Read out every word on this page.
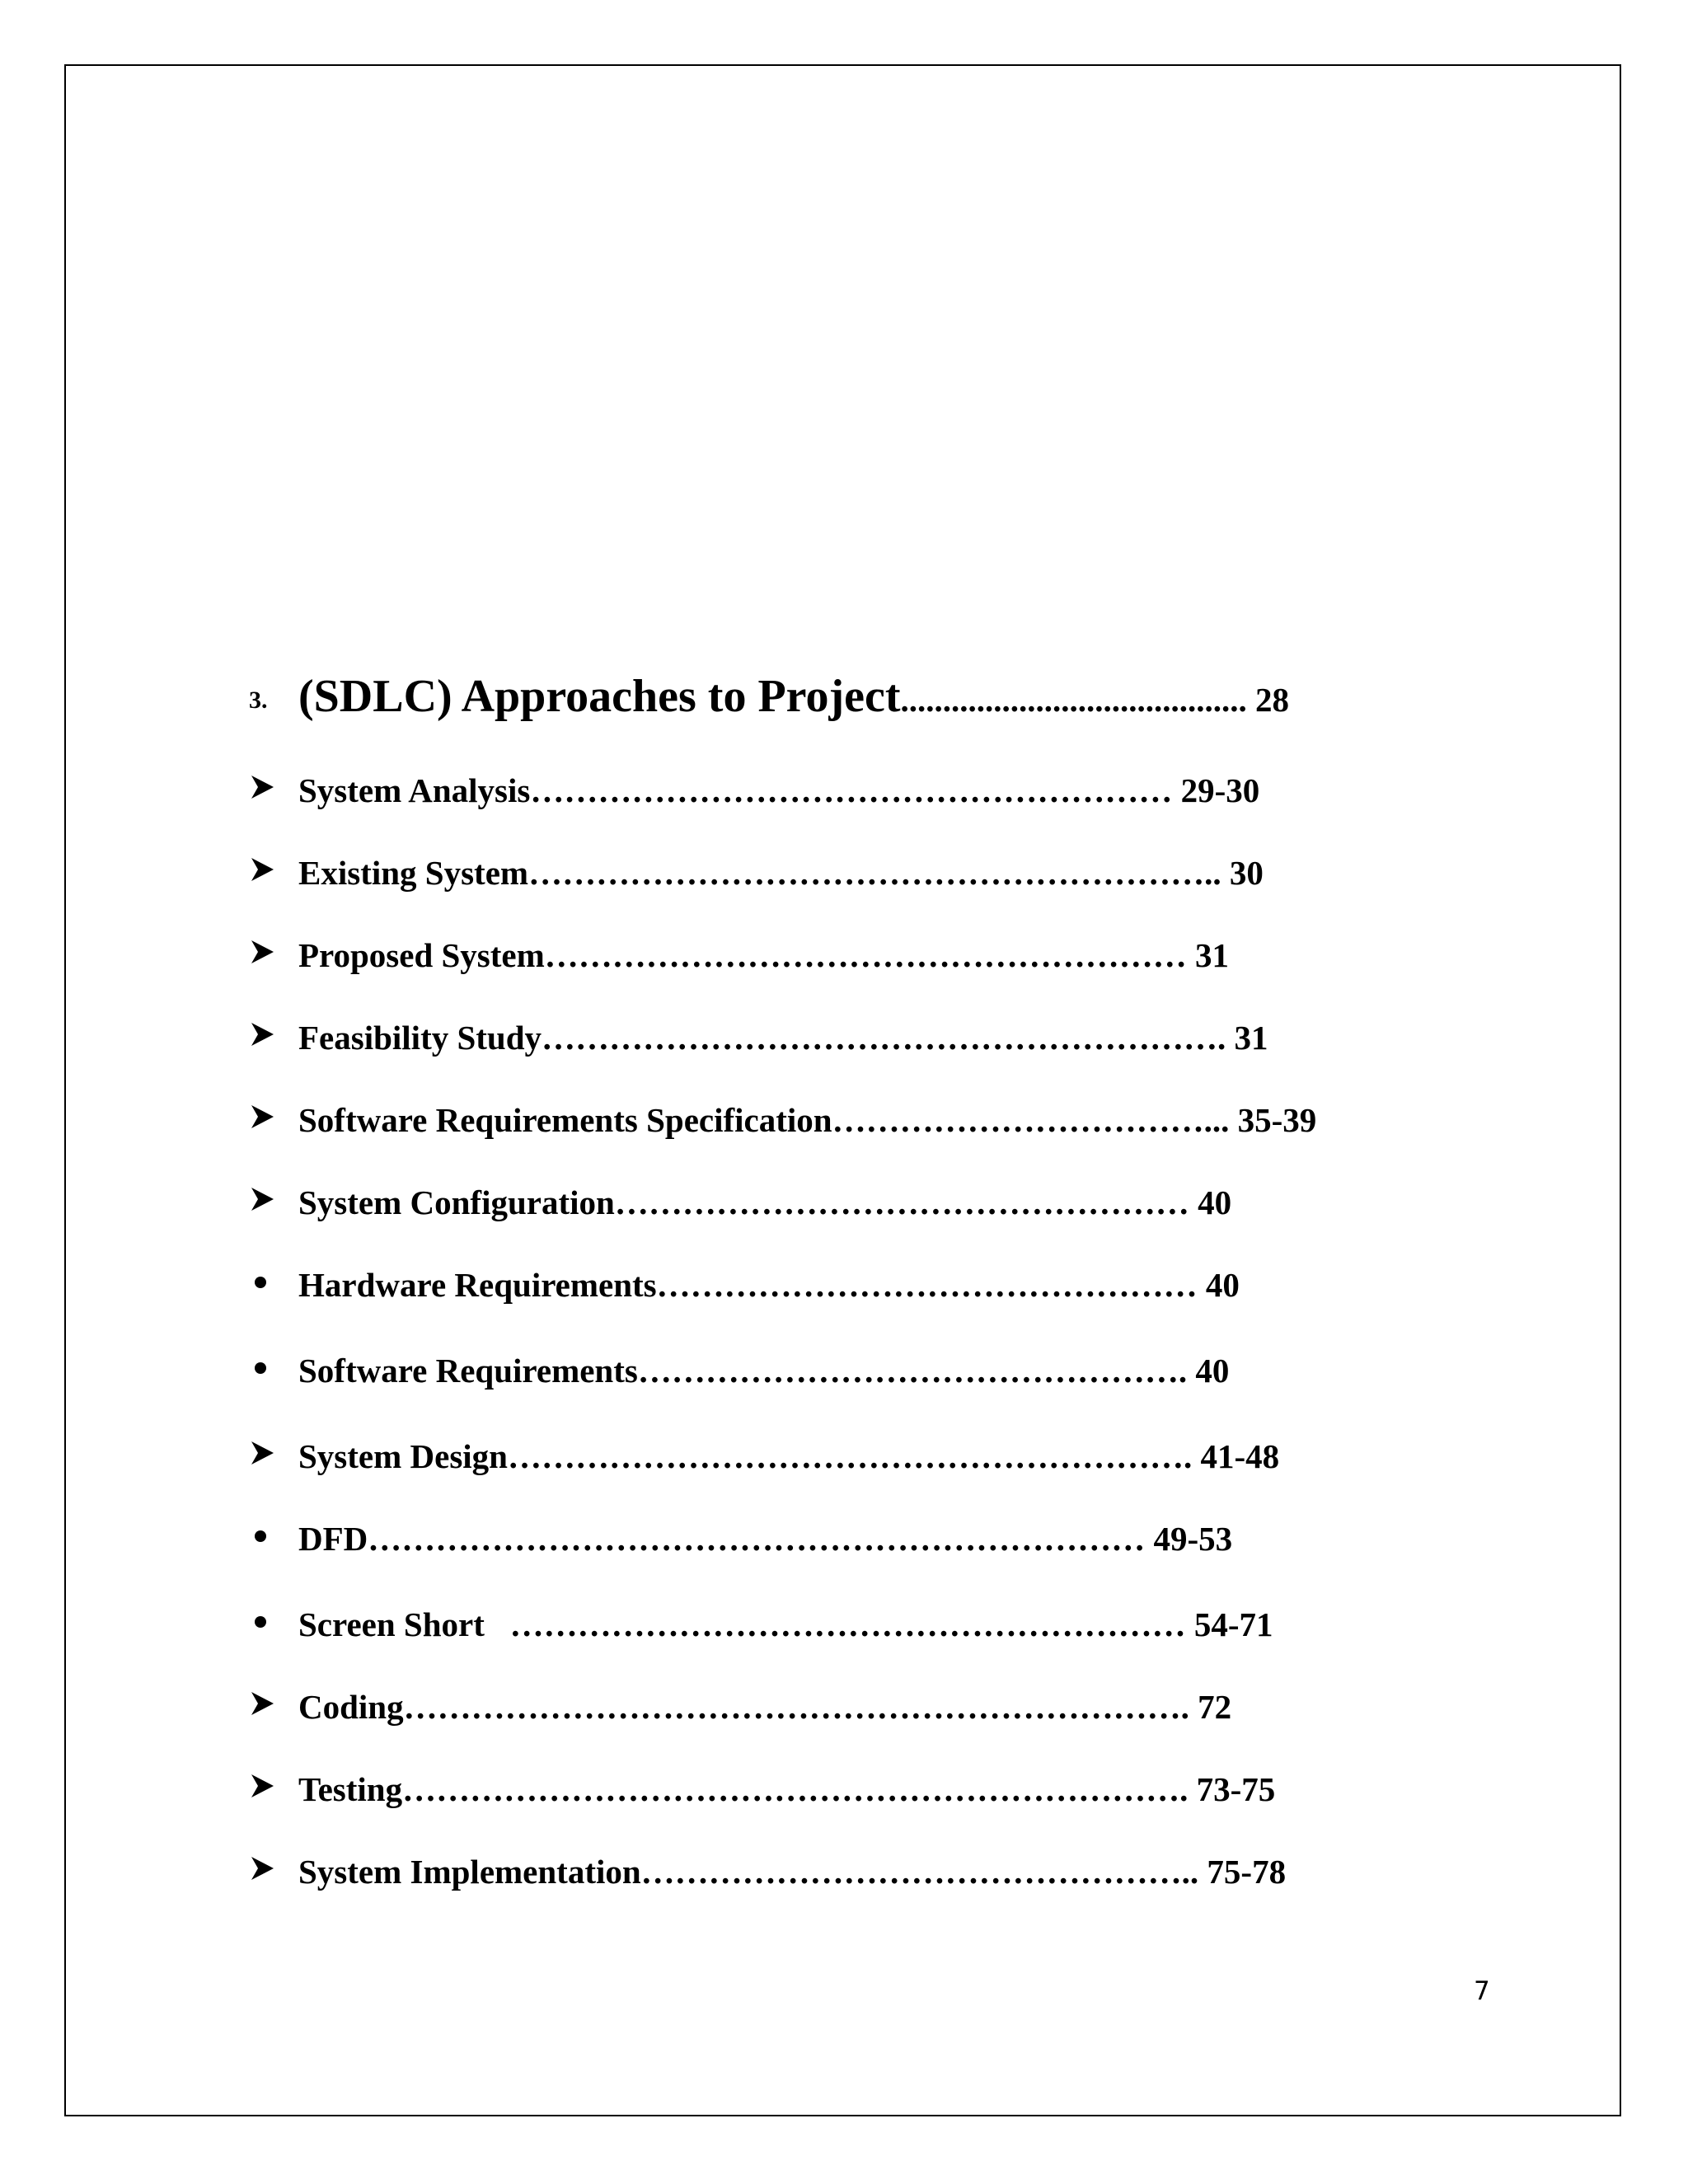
3. (SDLC) Approaches to Project......................................... 28
System Analysis………………………………………………… 29-30
Existing System…………………………………………………….. 30
Proposed System………………………………………………… 31
Feasibility Study……………………………………………………. 31
Software Requirements Specification……………………………... 35-39
System Configuration…………………………………………… 40
Hardware Requirements………………………………………… 40
Software Requirements…………………………………………. 40
System Design……………………………………………………. 41-48
DFD…………………………………………………………… 49-53
Screen Short   …………………………………………………… 54-71
Coding……………………………………………………………. 72
Testing……………………………………………………………. 73-75
System Implementation………………………………………….. 75-78
7
